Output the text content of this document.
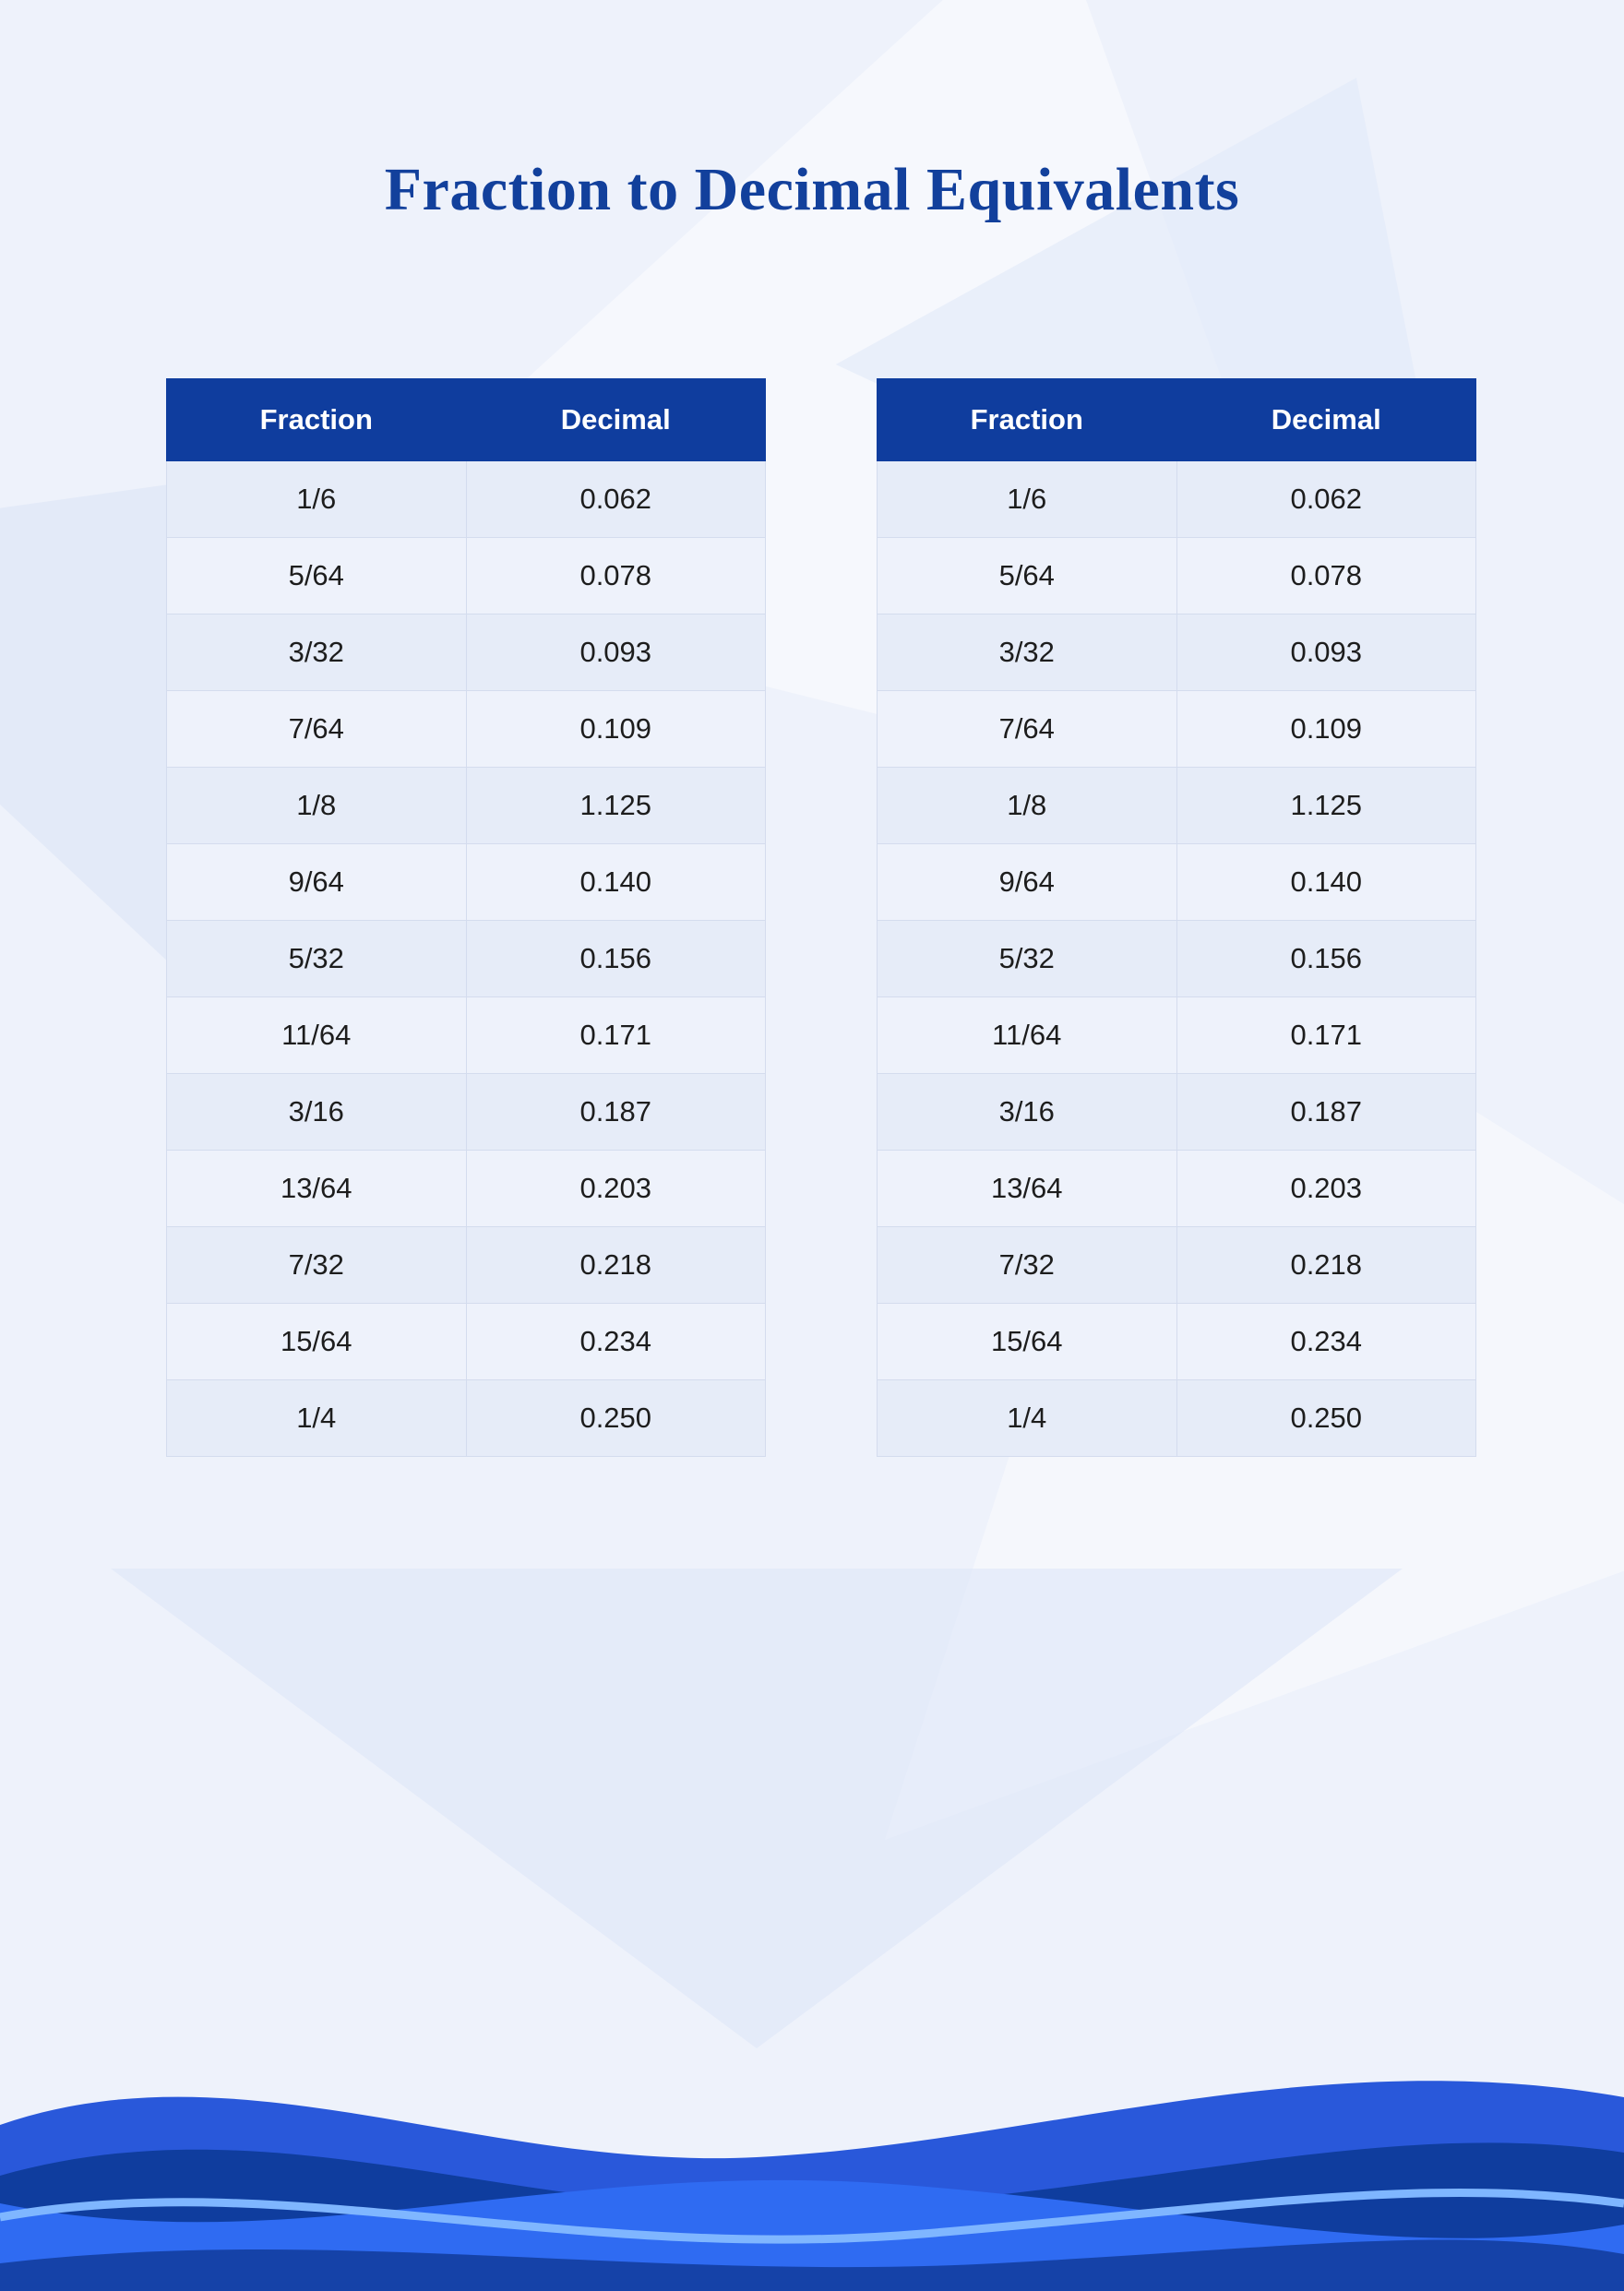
Fraction to Decimal Equivalents
Fraction	Decimal
1/6	0.062
5/64	0.078
3/32	0.093
7/64	0.109
1/8	1.125
9/64	0.140
5/32	0.156
11/64	0.171
3/16	0.187
13/64	0.203
7/32	0.218
15/64	0.234
1/4	0.250
Fraction	Decimal
1/6	0.062
5/64	0.078
3/32	0.093
7/64	0.109
1/8	1.125
9/64	0.140
5/32	0.156
11/64	0.171
3/16	0.187
13/64	0.203
7/32	0.218
15/64	0.234
1/4	0.250
